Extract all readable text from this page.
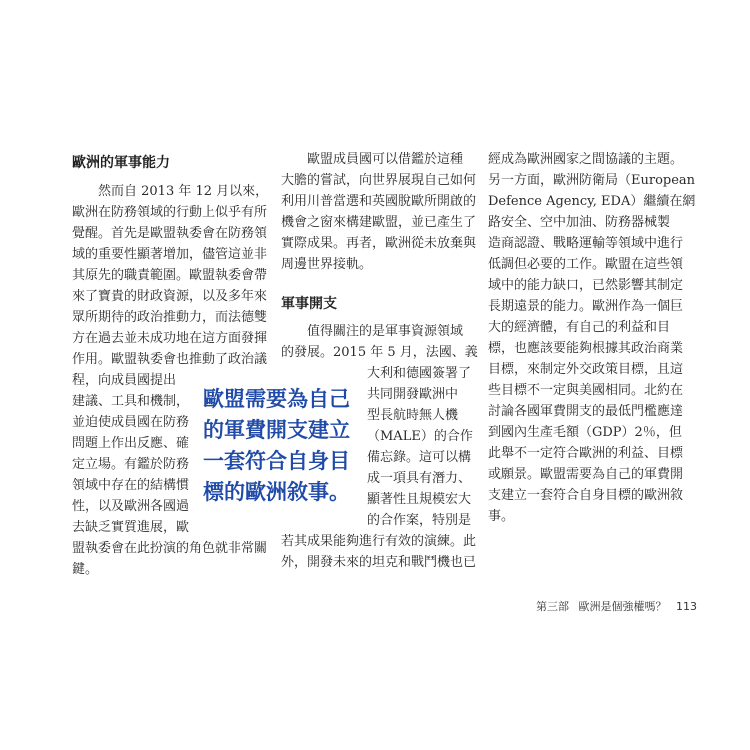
歐洲的軍事能力

　　然而自 2013 年 12 月以來，

歐洲在防務領域的行動上似乎有所

覺醒。首先是歐盟執委會在防務領

域的重要性顯著增加，儘管這並非

其原先的職責範圍。歐盟執委會帶

來了寶貴的財政資源，以及多年來

眾所期待的政治推動力，而法德雙

方在過去並未成功地在這方面發揮

作用。歐盟執委會也推動了政治議

程，向成員國提出

建議、工具和機制，

並迫使成員國在防務

問題上作出反應、確

定立場。有鑑於防務

領域中存在的結構慣

性，以及歐洲各國過

去缺乏實質進展，歐

盟執委會在此扮演的角色就非常關

鍵。

歐盟需要為自己
的軍費開支建立
一套符合自身目
標的歐洲敘事。

　　歐盟成員國可以借鑑於這種

大膽的嘗試，向世界展現自己如何

利用川普當選和英國脫歐所開啟的

機會之窗來構建歐盟，並已產生了

實際成果。再者，歐洲從未放棄與

周邊世界接軌。

軍事開支

　　值得關注的是軍事資源領域

的發展。2015 年 5 月，法國、義

大利和德國簽署了

共同開發歐洲中

型長航時無人機

（MALE）的合作

備忘錄。這可以構

成一項具有潛力、

顯著性且規模宏大

的合作案，特別是

若其成果能夠進行有效的演練。此

外，開發未來的坦克和戰鬥機也已

經成為歐洲國家之間協議的主題。

另一方面，歐洲防衛局（European

Defence Agency, EDA）繼續在網

路安全、空中加油、防務器械製

造商認證、戰略運輸等領域中進行

低調但必要的工作。歐盟在這些領

域中的能力缺口，已然影響其制定

長期遠景的能力。歐洲作為一個巨

大的經濟體，有自己的利益和目

標，也應該要能夠根據其政治商業

目標，來制定外交政策目標，且這

些目標不一定與美國相同。北約在

討論各國軍費開支的最低門檻應達

到國內生產毛額（GDP）2％，但

此舉不一定符合歐洲的利益、目標

或願景。歐盟需要為自己的軍費開

支建立一套符合自身目標的歐洲敘

事。

第三部 歐洲是個強權嗎？ 113
